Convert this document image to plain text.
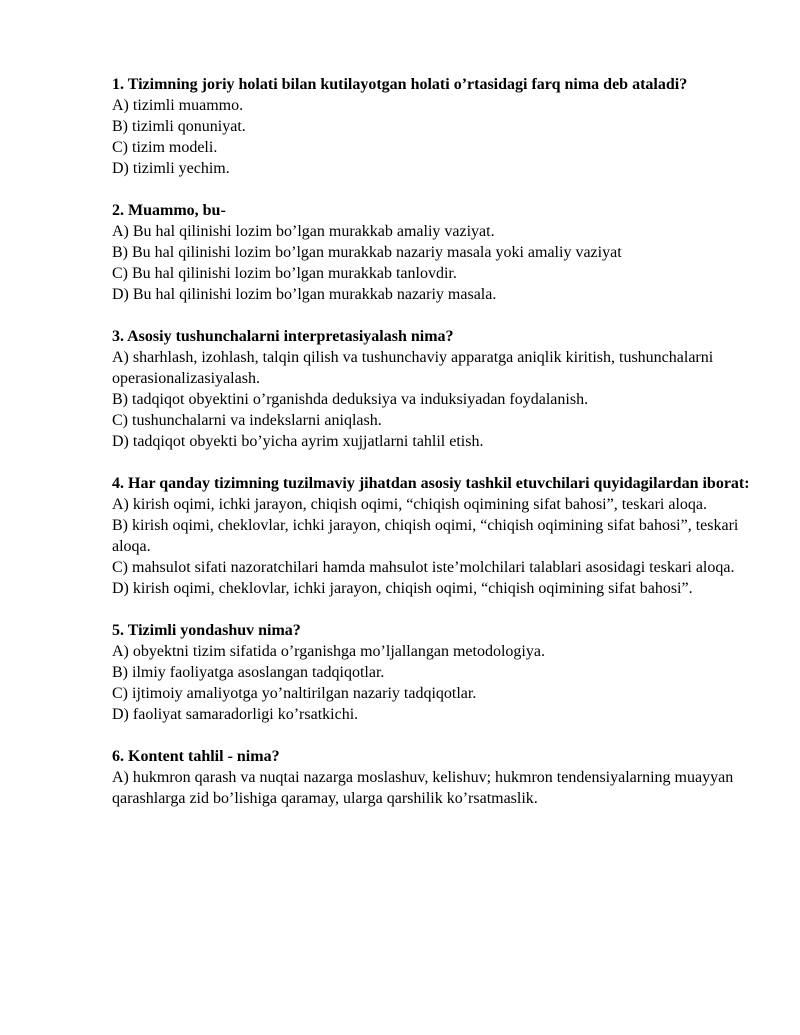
1. Tizimning joriy holati bilan kutilayotgan holati o’rtasidagi farq nima deb ataladi?

A) tizimli muammo.

B) tizimli qonuniyat.

C) tizim modeli.

D) tizimli yechim.

2. Muammo, bu-

A) Bu hal qilinishi lozim bo’lgan murakkab amaliy vaziyat.

B) Bu hal qilinishi lozim bo’lgan murakkab nazariy masala yoki amaliy vaziyat

C) Bu hal qilinishi lozim bo’lgan murakkab tanlovdir.

D) Bu hal qilinishi lozim bo’lgan murakkab nazariy masala.

3. Asosiy tushunchalarni interpretasiyalash nima?

A) sharhlash, izohlash, talqin qilish va tushunchaviy apparatga aniqlik kiritish, tushunchalarni operasionalizasiyalash.

B) tadqiqot obyektini o’rganishda deduksiya va induksiyadan foydalanish.

C) tushunchalarni va indekslarni aniqlash.

D) tadqiqot obyekti bo’yicha ayrim xujjatlarni tahlil etish.

4. Har qanday tizimning tuzilmaviy jihatdan asosiy tashkil etuvchilari quyidagilardan iborat:

A) kirish oqimi, ichki jarayon, chiqish oqimi, “chiqish oqimining sifat bahosi”, teskari aloqa.

B) kirish oqimi, cheklovlar, ichki jarayon, chiqish oqimi, “chiqish oqimining sifat bahosi”, teskari aloqa.

C) mahsulot sifati nazoratchilari hamda mahsulot iste’molchilari talablari asosidagi teskari aloqa.

D) kirish oqimi, cheklovlar, ichki jarayon, chiqish oqimi, “chiqish oqimining sifat bahosi”.

5. Tizimli yondashuv nima?

A) obyektni tizim sifatida o’rganishga mo’ljallangan metodologiya.

B) ilmiy faoliyatga asoslangan tadqiqotlar.

C) ijtimoiy amaliyotga yo’naltirilgan nazariy tadqiqotlar.

D) faoliyat samaradorligi ko’rsatkichi.

6. Kontent tahlil - nima?

A) hukmron qarash va nuqtai nazarga moslashuv, kelishuv; hukmron tendensiyalarning muayyan qarashlarga zid bo’lishiga qaramay, ularga qarshilik ko’rsatmaslik.
